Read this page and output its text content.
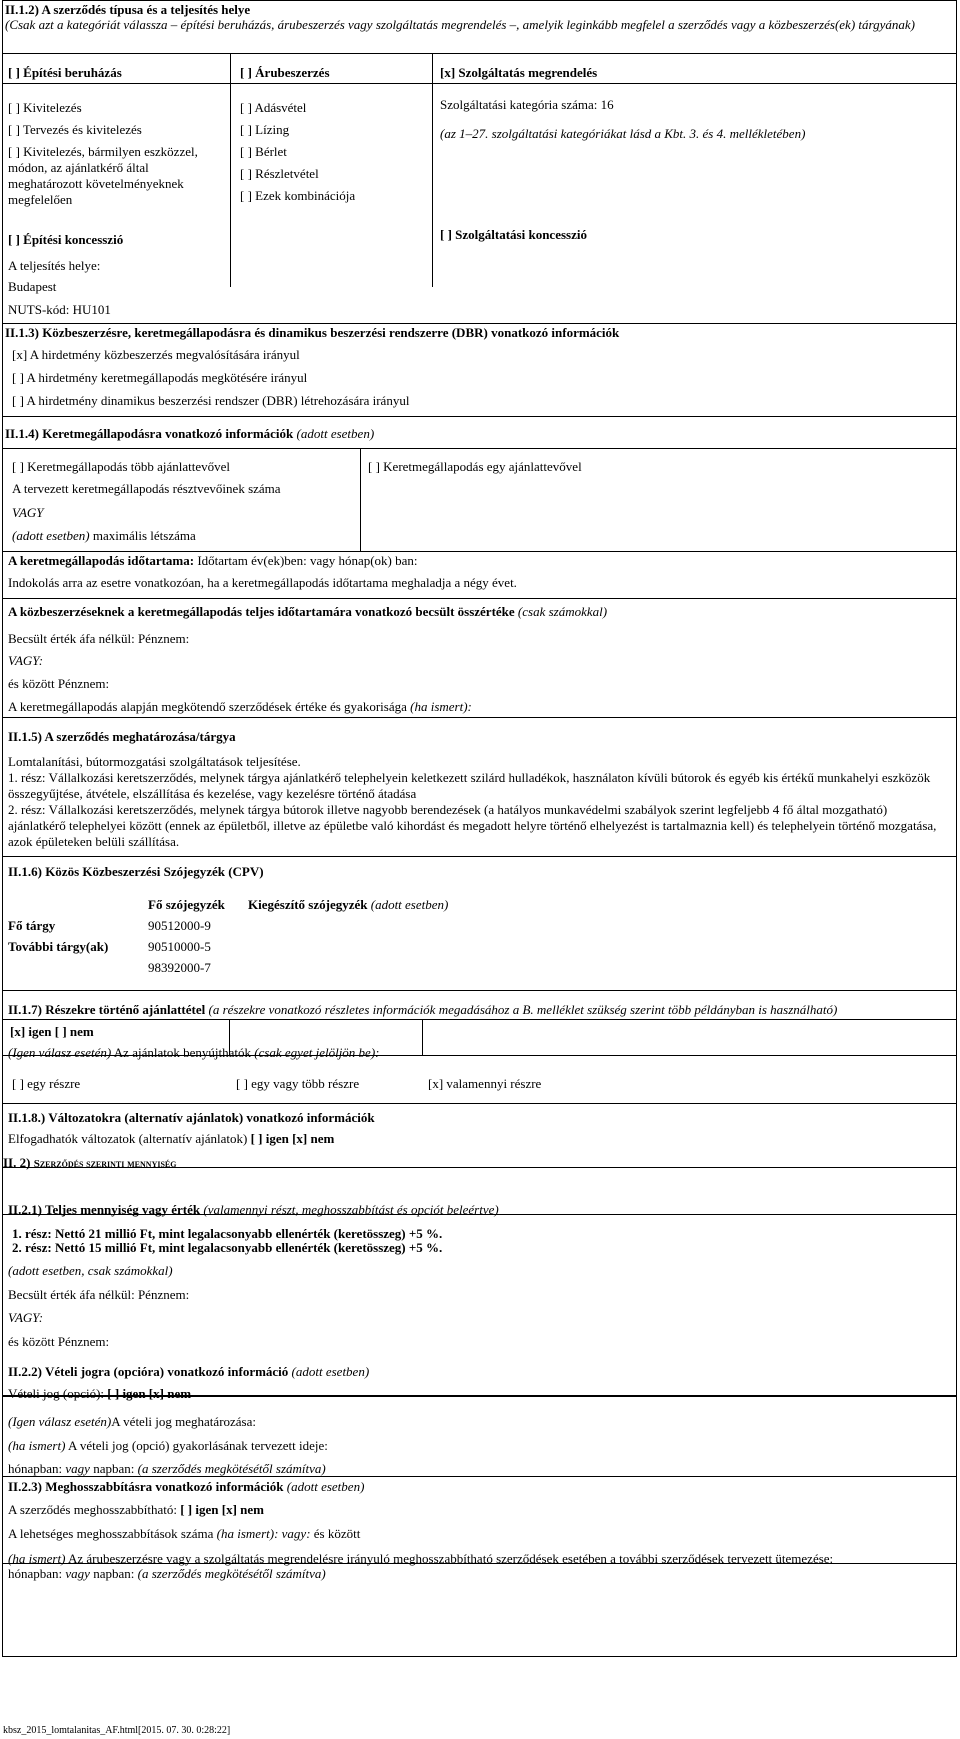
II.1.2) A szerződés típusa és a teljesítés helye
(Csak azt a kategóriát válassza – építési beruházás, árubeszerzés vagy szolgáltatás megrendelés –, amelyik leginkább megfelel a szerződés vagy a közbeszerzés(ek) tárgyának)
[ ] Építési beruházás	[ ] Árubeszerzés	[x] Szolgáltatás megrendelés
[ ] Kivitelezés
[ ] Tervezés és kivitelezés
[ ] Kivitelezés, bármilyen eszközzel, módon, az ajánlatkérő által meghatározott követelményeknek megfelelően
[ ] Adásvétel
[ ] Lízing
[ ] Bérlet
[ ] Részletvétel
[ ] Ezek kombinációja
Szolgáltatási kategória száma: 16
(az 1–27. szolgáltatási kategóriákat lásd a Kbt. 3. és 4. mellékletében)
[ ] Építési koncesszió	[ ] Szolgáltatási koncesszió
A teljesítés helye:
Budapest
NUTS-kód: HU101
II.1.3) Közbeszerzésre, keretmegállapodásra és dinamikus beszerzési rendszerre (DBR) vonatkozó információk
[x] A hirdetmény közbeszerzés megvalósítására irányul
[ ] A hirdetmény keretmegállapodás megkötésére irányul
[ ] A hirdetmény dinamikus beszerzési rendszer (DBR) létrehozására irányul
II.1.4) Keretmegállapodásra vonatkozó információk (adott esetben)
[ ] Keretmegállapodás több ajánlattevővel	[ ] Keretmegállapodás egy ajánlattevővel
A tervezett keretmegállapodás résztvevőinek száma
VAGY
(adott esetben) maximális létszáma
A keretmegállapodás időtartama: Időtartam év(ek)ben: vagy hónap(ok) ban:
Indokolás arra az esetre vonatkozóan, ha a keretmegállapodás időtartama meghaladja a négy évet.
A közbeszerzéseknek a keretmegállapodás teljes időtartamára vonatkozó becsült összértéke (csak számokkal)
Becsült érték áfa nélkül: Pénznem:
VAGY:
és között Pénznem:
A keretmegállapodás alapján megkötendő szerződések értéke és gyakorisága (ha ismert):
II.1.5) A szerződés meghatározása/tárgya
Lomtalanítási, bútormozgatási szolgáltatások teljesítése.
1. rész: Vállalkozási keretszerződés, melynek tárgya ajánlatkérő telephelyein keletkezett szilárd hulladékok, használaton kívüli bútorok és egyéb kis értékű munkahelyi eszközök összegyűjtése, átvétele, elszállítása és kezelése, vagy kezelésre történő átadása
2. rész: Vállalkozási keretszerződés, melynek tárgya bútorok illetve nagyobb berendezések (a hatályos munkavédelmi szabályok szerint legfeljebb 4 fő által mozgatható) ajánlatkérő telephelyei között (ennek az épületből, illetve az épületbe való kihordást és megadott helyre történő elhelyezést is tartalmaznia kell) és telephelyein történő mozgatása, azok épületeken belüli szállítása.
II.1.6) Közös Közbeszerzési Szójegyzék (CPV)
Fő szójegyzék Kiegészítő szójegyzék (adott esetben)
Fő tárgy	90512000-9
További tárgy(ak)	90510000-5
98392000-7
II.1.7) Részekre történő ajánlattétel (a részekre vonatkozó részletes információk megadásához a B. melléklet szükség szerint több példányban is használható)
[x] igen [ ] nem
(Igen válasz esetén) Az ajánlatok benyújthatók (csak egyet jelöljön be):
[ ] egy részre	[ ] egy vagy több részre	[x] valamennyi részre
II.1.8.) Változatokra (alternatív ajánlatok) vonatkozó információk
Elfogadhatók változatok (alternatív ajánlatok) [ ] igen [x] nem
II. 2) Szerződés szerinti mennyiség
II.2.1) Teljes mennyiség vagy érték (valamennyi részt, meghosszabbítást és opciót beleértve)
1. rész: Nettó 21 millió Ft, mint legalacsonyabb ellenérték (keretösszeg) +5 %.
2. rész: Nettó 15 millió Ft, mint legalacsonyabb ellenérték (keretösszeg) +5 %.
(adott esetben, csak számokkal)
Becsült érték áfa nélkül: Pénznem:
VAGY:
és között Pénznem:
II.2.2) Vételi jogra (opcióra) vonatkozó információ (adott esetben)
Vételi jog (opció): [ ] igen [x] nem
(Igen válasz esetén)A vételi jog meghatározása:
(ha ismert) A vételi jog (opció) gyakorlásának tervezett ideje:
hónapban: vagy napban: (a szerződés megkötésétől számítva)
II.2.3) Meghosszabbításra vonatkozó információk (adott esetben)
A szerződés meghosszabbítható: [ ] igen [x] nem
A lehetséges meghosszabbítások száma (ha ismert): vagy: és között
(ha ismert) Az árubeszerzésre vagy a szolgáltatás megrendelésre irányuló meghosszabbítható szerződések esetében a további szerződések tervezett ütemezése:
hónapban: vagy napban: (a szerződés megkötésétől számítva)
kbsz_2015_lomtalanitas_AF.html[2015. 07. 30. 0:28:22]
